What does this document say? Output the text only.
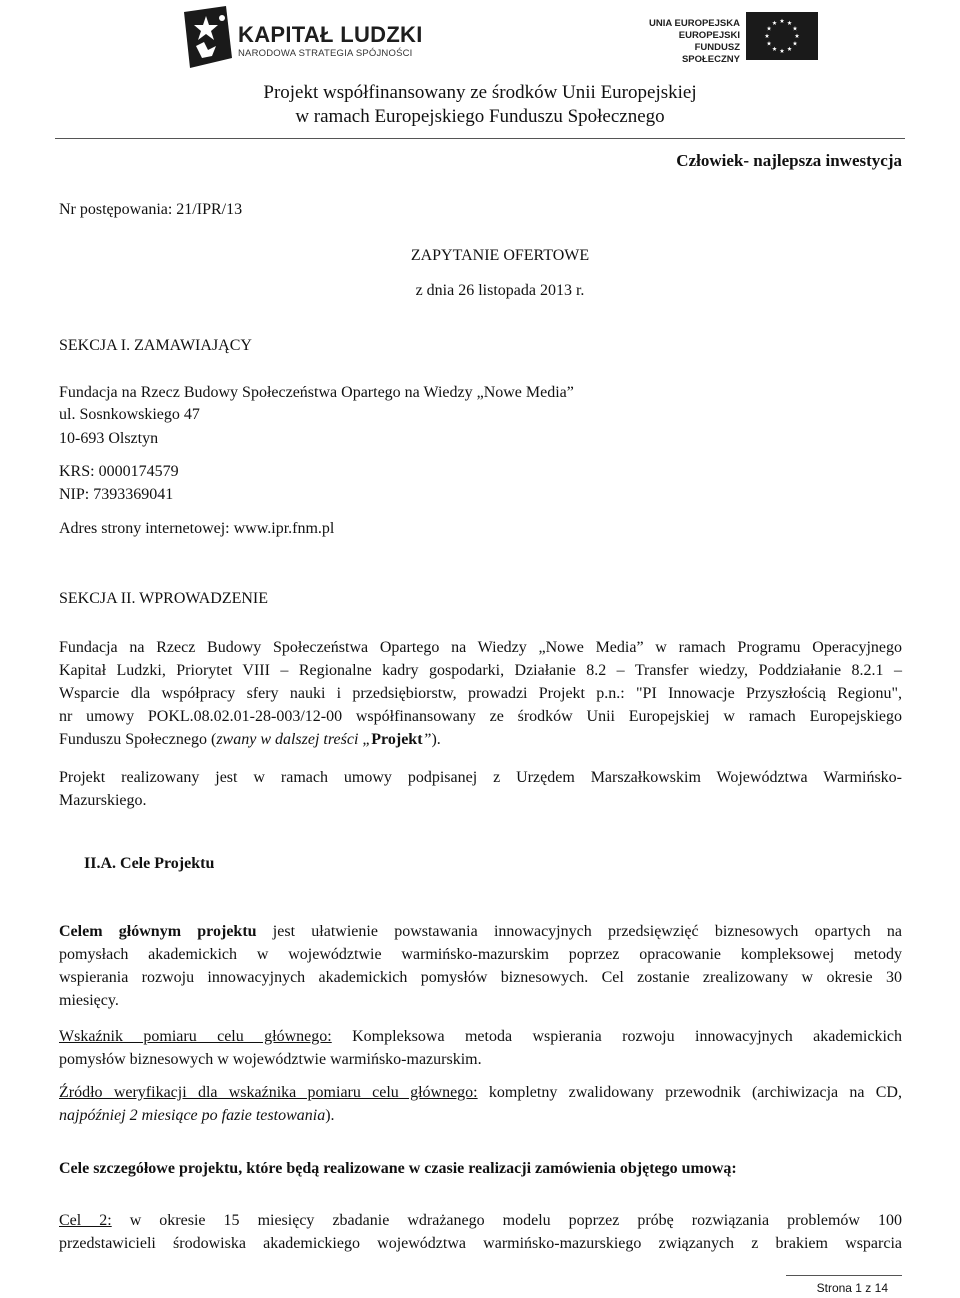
KAPITAŁ LUDZKI
NARODOWA STRATEGIA SPÓJNOŚCI
UNIA EUROPEJSKA
EUROPEJSKI
FUNDUSZ SPOŁECZNY
Projekt współfinansowany ze środków Unii Europejskiej
w ramach Europejskiego Funduszu Społecznego
Człowiek- najlepsza inwestycja
Nr postępowania: 21/IPR/13
ZAPYTANIE OFERTOWE
z dnia 26 listopada 2013 r.
SEKCJA I. ZAMAWIAJĄCY
Fundacja na Rzecz Budowy Społeczeństwa Opartego na Wiedzy „Nowe Media”
ul. Sosnkowskiego 47
10-693 Olsztyn
KRS: 0000174579
NIP: 7393369041
Adres strony internetowej: www.ipr.fnm.pl
SEKCJA II. WPROWADZENIE
Fundacja na Rzecz Budowy Społeczeństwa Opartego na Wiedzy „Nowe Media” w ramach Programu Operacyjnego
Kapitał Ludzki, Priorytet VIII – Regionalne kadry gospodarki, Działanie 8.2 – Transfer wiedzy, Poddziałanie 8.2.1 –
Wsparcie dla współpracy sfery nauki i przedsiębiorstw, prowadzi Projekt p.n.: "PI Innowacje Przyszłością Regionu",
nr umowy POKL.08.02.01-28-003/12-00 współfinansowany ze środków Unii Europejskiej w ramach Europejskiego
Funduszu Społecznego (zwany w dalszej treści „Projekt”).
Projekt realizowany jest w ramach umowy podpisanej z Urzędem Marszałkowskim Województwa Warmińsko-
Mazurskiego.
II.A. Cele Projektu
Celem głównym projektu jest ułatwienie powstawania innowacyjnych przedsięwzięć biznesowych opartych na
pomysłach akademickich w województwie warmińsko-mazurskim poprzez opracowanie kompleksowej metody
wspierania rozwoju innowacyjnych akademickich pomysłów biznesowych. Cel zostanie zrealizowany w okresie 30
miesięcy.
Wskaźnik pomiaru celu głównego: Kompleksowa metoda wspierania rozwoju innowacyjnych akademickich
pomysłów biznesowych w województwie warmińsko-mazurskim.
Źródło weryfikacji dla wskaźnika pomiaru celu głównego: kompletny zwalidowany przewodnik (archiwizacja na CD,
najpóźniej 2 miesiące po fazie testowania).
Cele szczegółowe projektu, które będą realizowane w czasie realizacji zamówienia objętego umową:
Cel 2: w okresie 15 miesięcy zbadanie wdrażanego modelu poprzez próbę rozwiązania problemów 100
przedstawicieli środowiska akademickiego województwa warmińsko-mazurskiego związanych z brakiem wsparcia
Strona 1 z 14
